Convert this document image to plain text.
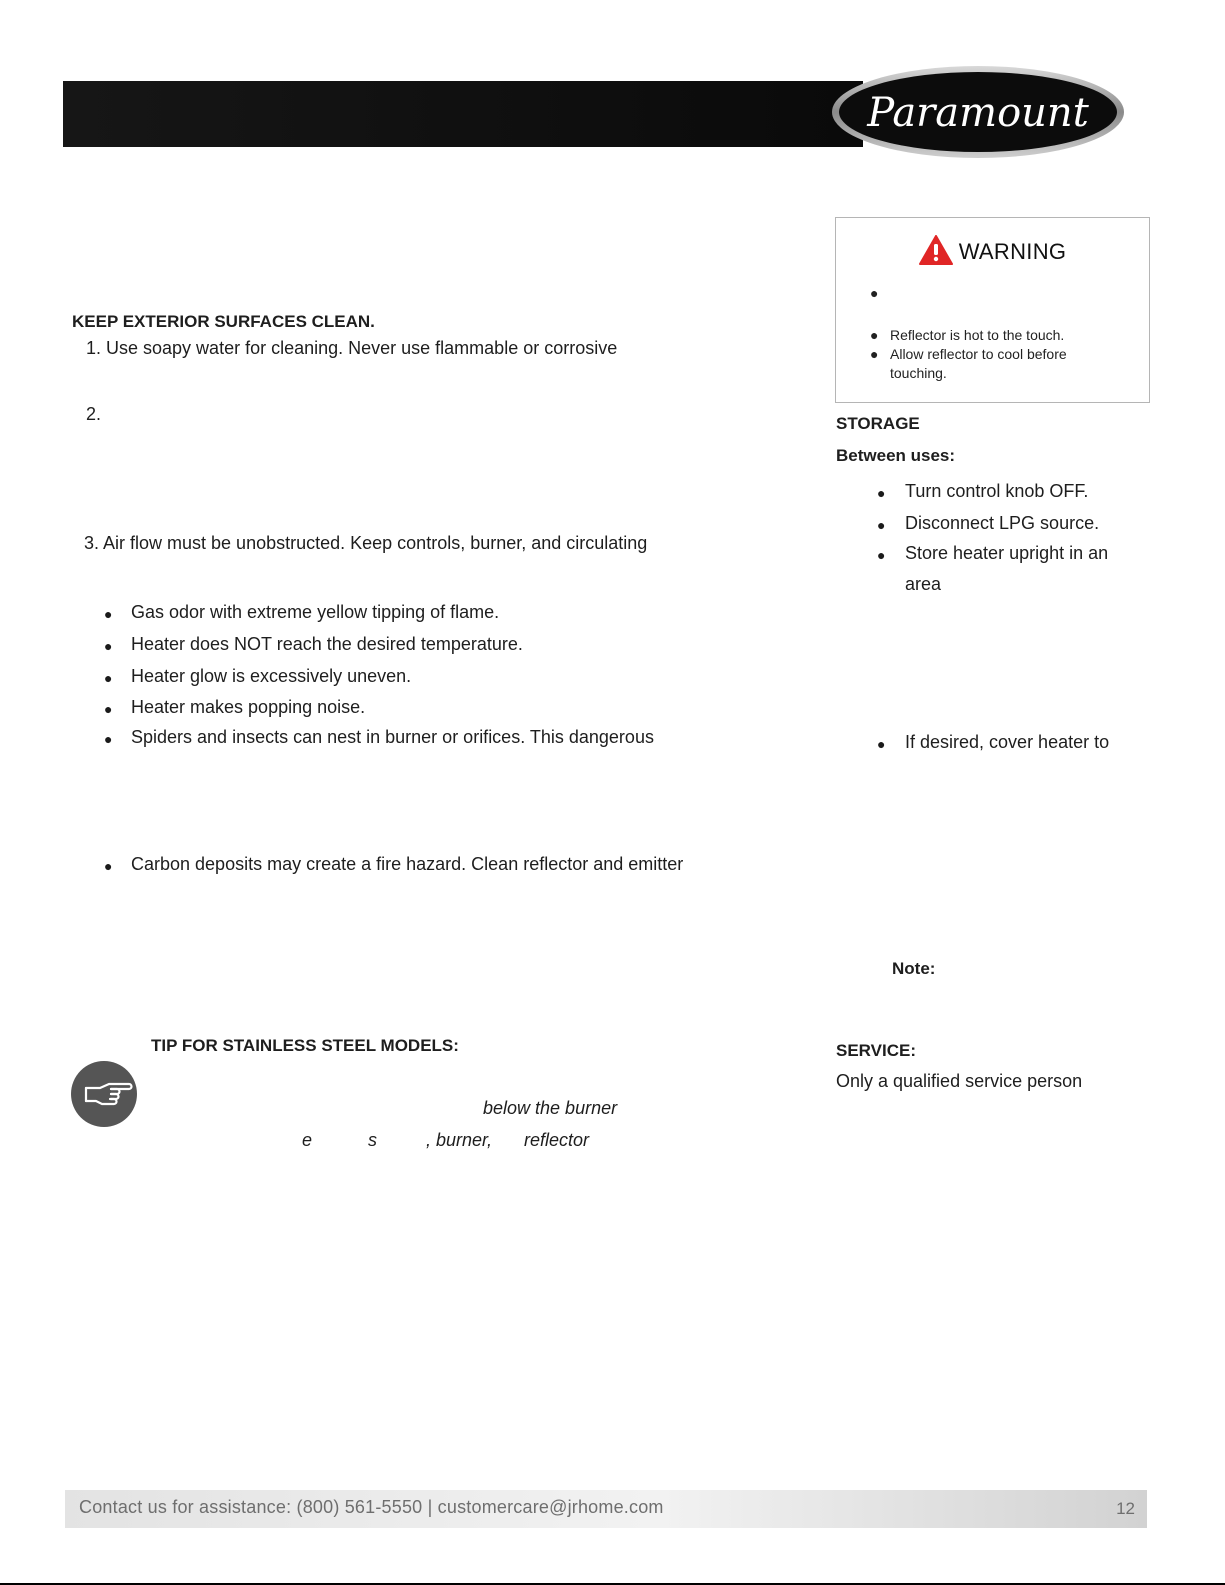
Paramount
WARNING
●
● Reflector is hot to the touch.
● Allow reflector to cool before
touching.
KEEP EXTERIOR SURFACES CLEAN.
1. Use soapy water for cleaning. Never use flammable or corrosive
2.
3. Air flow must be unobstructed. Keep controls, burner, and circulating
● Gas odor with extreme yellow tipping of flame.
● Heater does NOT reach the desired temperature.
● Heater glow is excessively uneven.
● Heater makes popping noise.
● Spiders and insects can nest in burner or orifices. This dangerous
● Carbon deposits may create a fire hazard. Clean reflector and emitter
TIP FOR STAINLESS STEEL MODELS:
below the burner
e	s	, burner, reflector
STORAGE
Between uses:
● Turn control knob OFF.
● Disconnect LPG source.
● Store heater upright in an
area
● If desired, cover heater to
Note:
SERVICE:
Only a qualified service person
Contact us for assistance: (800) 561-5550 | customercare@jrhome.com	12
